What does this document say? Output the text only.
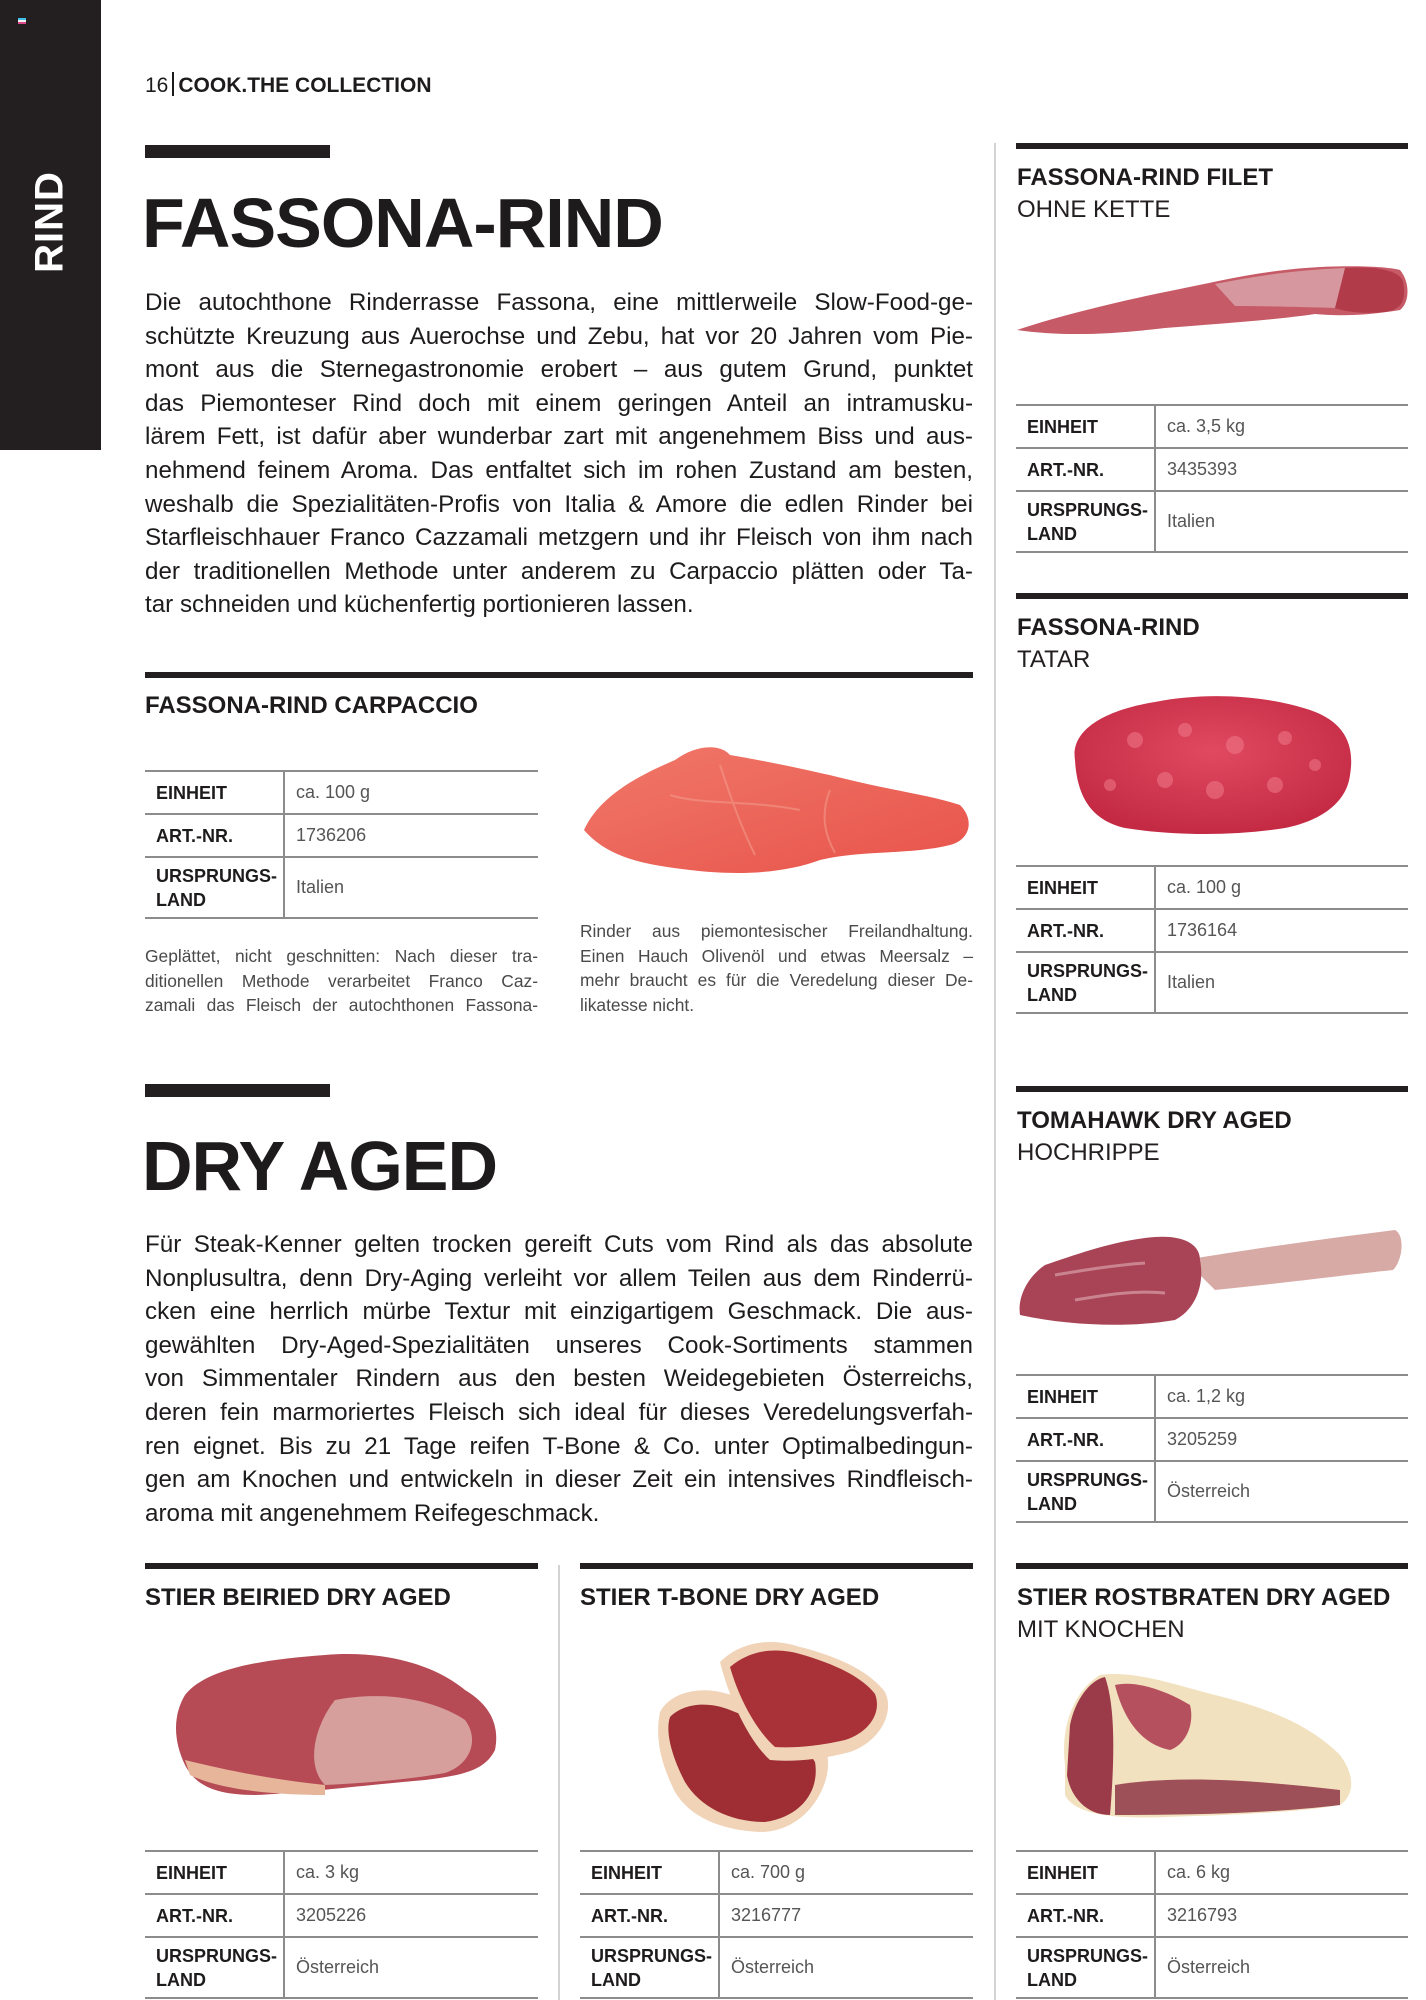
RIND
16 COOK.THE COLLECTION
FASSONA-RIND
Die autochthone Rinderrasse Fassona, eine mittlerweile Slow-Food-ge-
schützte Kreuzung aus Auerochse und Zebu, hat vor 20 Jahren vom Pie-
mont aus die Sternegastronomie erobert – aus gutem Grund, punktet
das Piemonteser Rind doch mit einem geringen Anteil an intramusku-
lärem Fett, ist dafür aber wunderbar zart mit angenehmem Biss und aus-
nehmend feinem Aroma. Das entfaltet sich im rohen Zustand am besten,
weshalb die Spezialitäten-Profis von Italia & Amore die edlen Rinder bei
Starfleischhauer Franco Cazzamali metzgern und ihr Fleisch von ihm nach
der traditionellen Methode unter anderem zu Carpaccio plätten oder Ta-
tar schneiden und küchenfertig portionieren lassen.
FASSONA-RIND CARPACCIO
EINHEIT	ca. 100 g
ART.-NR.	1736206
URSPRUNGS-
LAND	Italien
Geplättet, nicht geschnitten: Nach dieser tra-
ditionellen Methode verarbeitet Franco Caz-
zamali das Fleisch der autochthonen Fassona-
Rinder aus piemontesischer Freilandhaltung.
Einen Hauch Olivenöl und etwas Meersalz –
mehr braucht es für die Veredelung dieser De-
likatesse nicht.
FASSONA-RIND FILET
OHNE KETTE
EINHEIT	ca. 3,5 kg
ART.-NR.	3435393
URSPRUNGS-
LAND	Italien
FASSONA-RIND
TATAR
EINHEIT	ca. 100 g
ART.-NR.	1736164
URSPRUNGS-
LAND	Italien
DRY AGED
Für Steak-Kenner gelten trocken gereift Cuts vom Rind als das absolute
Nonplusultra, denn Dry-Aging verleiht vor allem Teilen aus dem Rinderrü-
cken eine herrlich mürbe Textur mit einzigartigem Geschmack. Die aus-
gewählten Dry-Aged-Spezialitäten unseres Cook-Sortiments stammen
von Simmentaler Rindern aus den besten Weidegebieten Österreichs,
deren fein marmoriertes Fleisch sich ideal für dieses Veredelungsverfah-
ren eignet. Bis zu 21 Tage reifen T-Bone & Co. unter Optimalbedingun-
gen am Knochen und entwickeln in dieser Zeit ein intensives Rindfleisch-
aroma mit angenehmem Reifegeschmack.
TOMAHAWK DRY AGED
HOCHRIPPE
EINHEIT	ca. 1,2 kg
ART.-NR.	3205259
URSPRUNGS-
LAND	Österreich
STIER BEIRIED DRY AGED
EINHEIT	ca. 3 kg
ART.-NR.	3205226
URSPRUNGS-
LAND	Österreich
STIER T-BONE DRY AGED
EINHEIT	ca. 700 g
ART.-NR.	3216777
URSPRUNGS-
LAND	Österreich
STIER ROSTBRATEN DRY AGED
MIT KNOCHEN
EINHEIT	ca. 6 kg
ART.-NR.	3216793
URSPRUNGS-
LAND	Österreich
